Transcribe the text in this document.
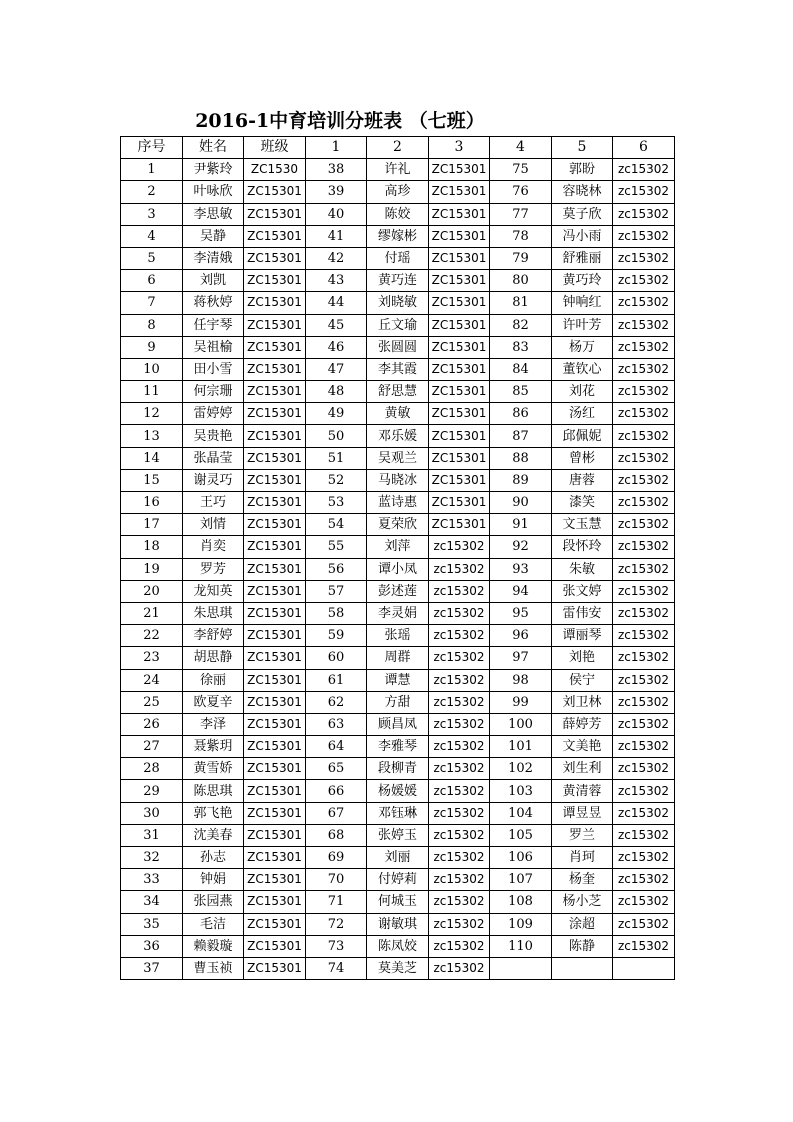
2016-1中育培训分班表 （七班）
序号	姓名	班级	1	2	3	4	5	6
1	尹紫玲	ZC1530	38	许礼	ZC15301	75	郭盼	zc15302
2	叶咏欣	ZC15301	39	高珍	ZC15301	76	容晓林	zc15302
3	李思敏	ZC15301	40	陈姣	ZC15301	77	莫子欣	zc15302
4	吴静	ZC15301	41	缪嫁彬	ZC15301	78	冯小雨	zc15302
5	李清娥	ZC15301	42	付瑶	ZC15301	79	舒雅丽	zc15302
6	刘凯	ZC15301	43	黄巧连	ZC15301	80	黄巧玲	zc15302
7	蒋秋婷	ZC15301	44	刘晓敏	ZC15301	81	钟响红	zc15302
8	任宇琴	ZC15301	45	丘文瑜	ZC15301	82	许叶芳	zc15302
9	吴祖榆	ZC15301	46	张圆圆	ZC15301	83	杨万	zc15302
10	田小雪	ZC15301	47	李其霞	ZC15301	84	董钦心	zc15302
11	何宗珊	ZC15301	48	舒思慧	ZC15301	85	刘花	zc15302
12	雷婷婷	ZC15301	49	黄敏	ZC15301	86	汤红	zc15302
13	吴贵艳	ZC15301	50	邓乐媛	ZC15301	87	邱佩妮	zc15302
14	张晶莹	ZC15301	51	吴观兰	ZC15301	88	曾彬	zc15302
15	谢灵巧	ZC15301	52	马晓冰	ZC15301	89	唐蓉	zc15302
16	王巧	ZC15301	53	蓝诗惠	ZC15301	90	漆笑	zc15302
17	刘情	ZC15301	54	夏荣欣	ZC15301	91	文玉慧	zc15302
18	肖奕	ZC15301	55	刘萍	zc15302	92	段怀玲	zc15302
19	罗芳	ZC15301	56	谭小凤	zc15302	93	朱敏	zc15302
20	龙知英	ZC15301	57	彭述莲	zc15302	94	张文婷	zc15302
21	朱思琪	ZC15301	58	李灵娟	zc15302	95	雷伟安	zc15302
22	李舒婷	ZC15301	59	张瑶	zc15302	96	谭丽琴	zc15302
23	胡思静	ZC15301	60	周群	zc15302	97	刘艳	zc15302
24	徐丽	ZC15301	61	谭慧	zc15302	98	侯宁	zc15302
25	欧夏辛	ZC15301	62	方甜	zc15302	99	刘卫林	zc15302
26	李泽	ZC15301	63	顾昌凤	zc15302	100	薛婷芳	zc15302
27	聂紫玥	ZC15301	64	李雅琴	zc15302	101	文美艳	zc15302
28	黄雪娇	ZC15301	65	段柳青	zc15302	102	刘生利	zc15302
29	陈思琪	ZC15301	66	杨媛媛	zc15302	103	黄清蓉	zc15302
30	郭飞艳	ZC15301	67	邓钰琳	zc15302	104	谭昱昱	zc15302
31	沈美春	ZC15301	68	张婷玉	zc15302	105	罗兰	zc15302
32	孙志	ZC15301	69	刘丽	zc15302	106	肖珂	zc15302
33	钟娟	ZC15301	70	付婷莉	zc15302	107	杨奎	zc15302
34	张园燕	ZC15301	71	何城玉	zc15302	108	杨小芝	zc15302
35	毛洁	ZC15301	72	谢敏琪	zc15302	109	涂超	zc15302
36	赖毅璇	ZC15301	73	陈凤姣	zc15302	110	陈静	zc15302
37	曹玉祯	ZC15301	74	莫美芝	zc15302			
